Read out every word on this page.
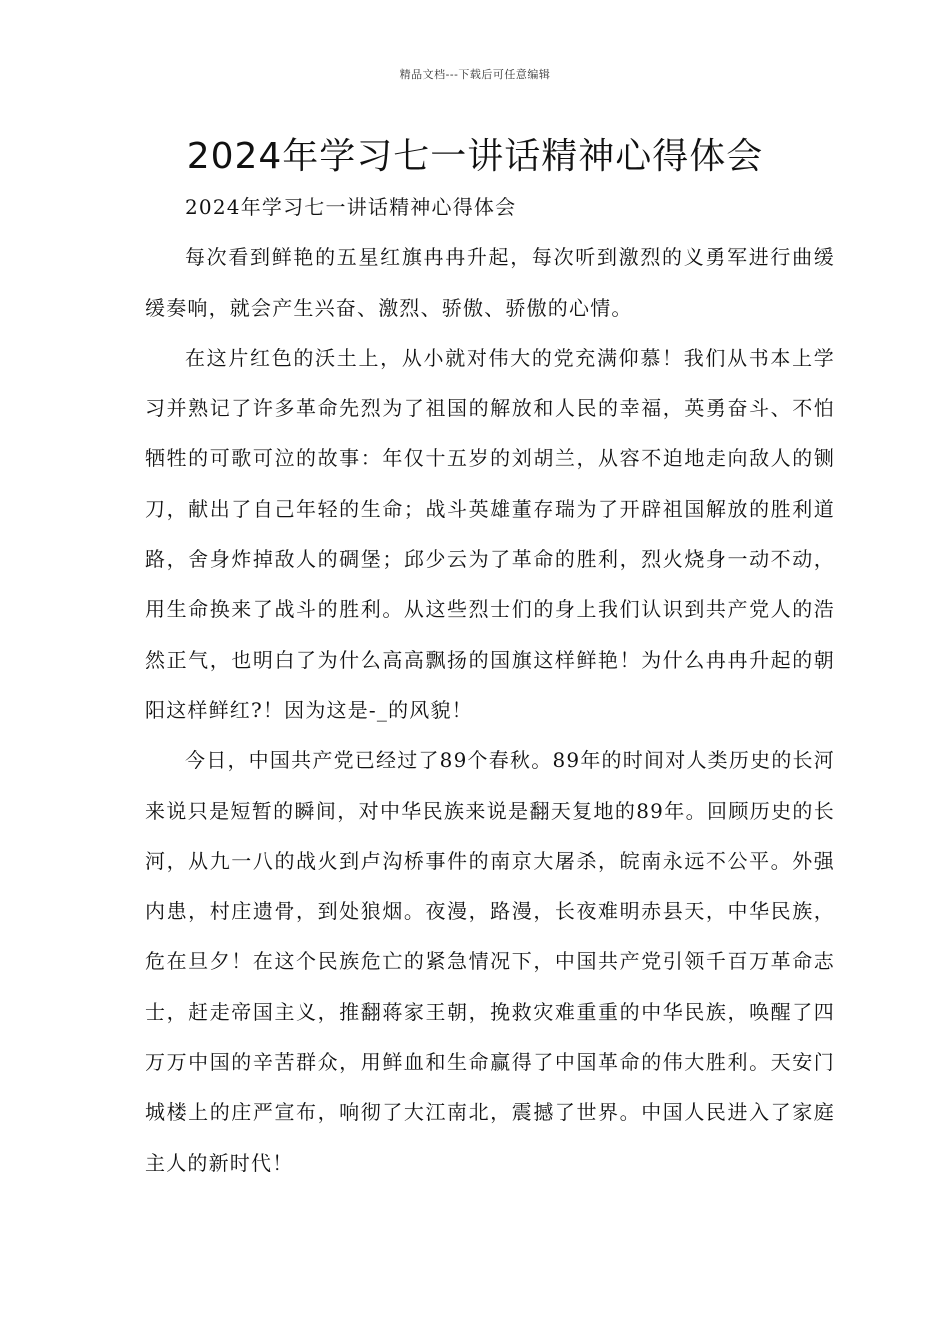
精品文档---下载后可任意编辑
2024年学习七一讲话精神心得体会

2024年学习七一讲话精神心得体会

每次看到鲜艳的五星红旗冉冉升起，每次听到激烈的义勇军进行曲缓缓奏响，就会产生兴奋、激烈、骄傲、骄傲的心情。

在这片红色的沃土上，从小就对伟大的党充满仰慕！我们从书本上学习并熟记了许多革命先烈为了祖国的解放和人民的幸福，英勇奋斗、不怕牺牲的可歌可泣的故事：年仅十五岁的刘胡兰，从容不迫地走向敌人的铡刀，献出了自己年轻的生命；战斗英雄董存瑞为了开辟祖国解放的胜利道路，舍身炸掉敌人的碉堡；邱少云为了革命的胜利，烈火烧身一动不动，用生命换来了战斗的胜利。从这些烈士们的身上我们认识到共产党人的浩然正气，也明白了为什么高高飘扬的国旗这样鲜艳！为什么冉冉升起的朝阳这样鲜红?！因为这是-_的风貌！

今日，中国共产党已经过了89个春秋。89年的时间对人类历史的长河来说只是短暂的瞬间，对中华民族来说是翻天复地的89年。回顾历史的长河，从九一八的战火到卢沟桥事件的南京大屠杀，皖南永远不公平。外强内患，村庄遗骨，到处狼烟。夜漫，路漫，长夜难明赤县天，中华民族，危在旦夕！在这个民族危亡的紧急情况下，中国共产党引领千百万革命志士，赶走帝国主义，推翻蒋家王朝，挽救灾难重重的中华民族，唤醒了四万万中国的辛苦群众，用鲜血和生命赢得了中国革命的伟大胜利。天安门城楼上的庄严宣布，响彻了大江南北，震撼了世界。中国人民进入了家庭主人的新时代！
